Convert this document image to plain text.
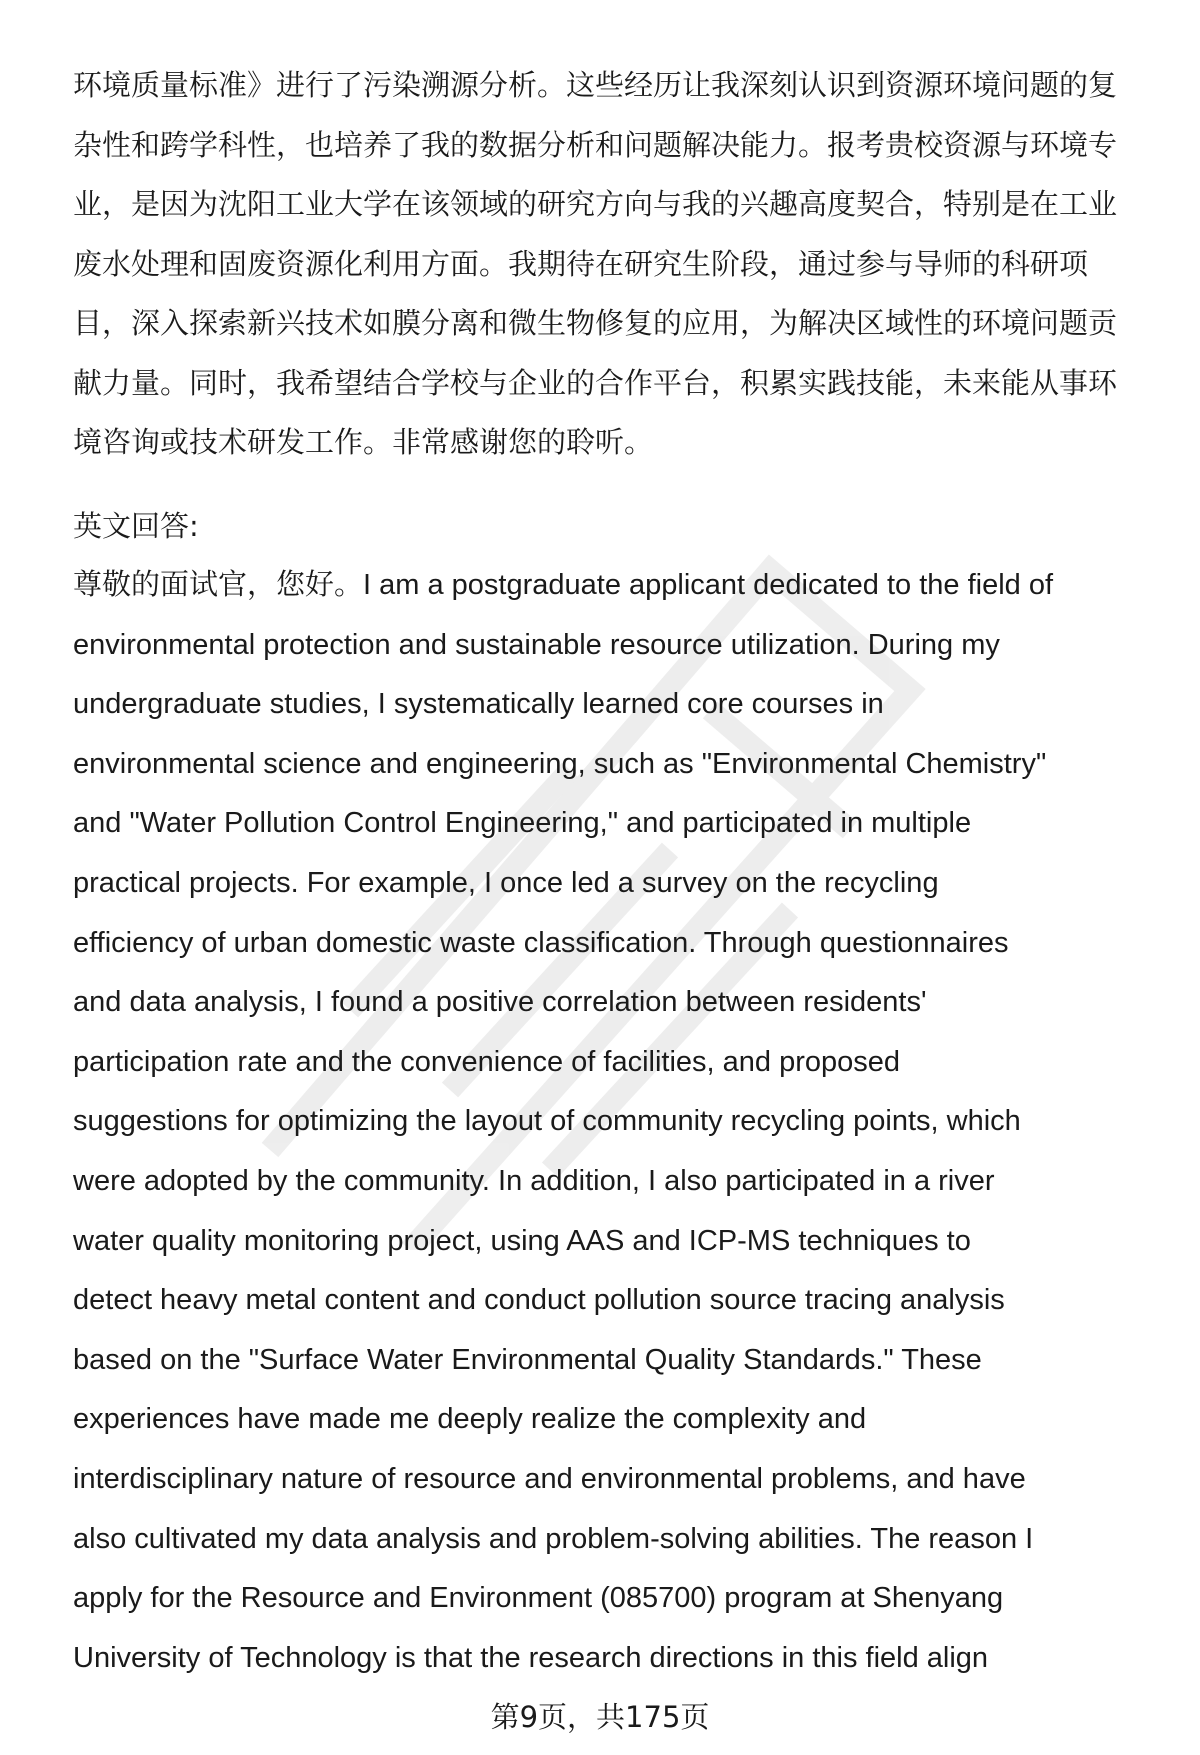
环境质量标准》进行了污染溯源分析。这些经历让我深刻认识到资源环境问题的复
杂性和跨学科性，也培养了我的数据分析和问题解决能力。报考贵校资源与环境专
业，是因为沈阳工业大学在该领域的研究方向与我的兴趣高度契合，特别是在工业
废水处理和固废资源化利用方面。我期待在研究生阶段，通过参与导师的科研项
目，深入探索新兴技术如膜分离和微生物修复的应用，为解决区域性的环境问题贡
献力量。同时，我希望结合学校与企业的合作平台，积累实践技能，未来能从事环
境咨询或技术研发工作。非常感谢您的聆听。
英文回答:
尊敬的面试官，您好。I am a postgraduate applicant dedicated to the field of
environmental protection and sustainable resource utilization. During my
undergraduate studies, I systematically learned core courses in
environmental science and engineering, such as "Environmental Chemistry"
and "Water Pollution Control Engineering," and participated in multiple
practical projects. For example, I once led a survey on the recycling
efficiency of urban domestic waste classification. Through questionnaires
and data analysis, I found a positive correlation between residents'
participation rate and the convenience of facilities, and proposed
suggestions for optimizing the layout of community recycling points, which
were adopted by the community. In addition, I also participated in a river
water quality monitoring project, using AAS and ICP-MS techniques to
detect heavy metal content and conduct pollution source tracing analysis
based on the "Surface Water Environmental Quality Standards." These
experiences have made me deeply realize the complexity and
interdisciplinary nature of resource and environmental problems, and have
also cultivated my data analysis and problem-solving abilities. The reason I
apply for the Resource and Environment (085700) program at Shenyang
University of Technology is that the research directions in this field align
第9页，共175页
